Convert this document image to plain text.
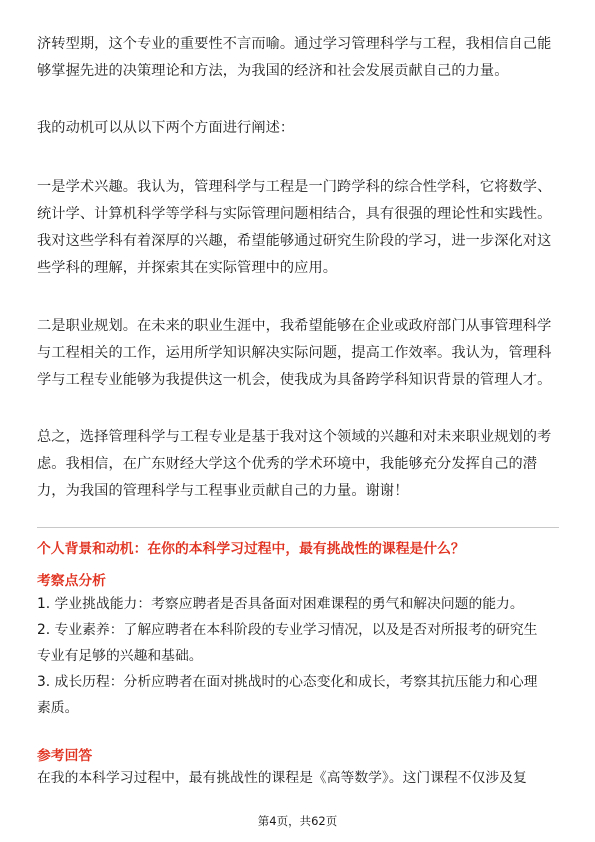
济转型期，这个专业的重要性不言而喻。通过学习管理科学与工程，我相信自己能
够掌握先进的决策理论和方法，为我国的经济和社会发展贡献自己的力量。
我的动机可以从以下两个方面进行阐述：
一是学术兴趣。我认为，管理科学与工程是一门跨学科的综合性学科，它将数学、
统计学、计算机科学等学科与实际管理问题相结合，具有很强的理论性和实践性。
我对这些学科有着深厚的兴趣，希望能够通过研究生阶段的学习，进一步深化对这
些学科的理解，并探索其在实际管理中的应用。
二是职业规划。在未来的职业生涯中，我希望能够在企业或政府部门从事管理科学
与工程相关的工作，运用所学知识解决实际问题，提高工作效率。我认为，管理科
学与工程专业能够为我提供这一机会，使我成为具备跨学科知识背景的管理人才。
总之，选择管理科学与工程专业是基于我对这个领域的兴趣和对未来职业规划的考
虑。我相信，在广东财经大学这个优秀的学术环境中，我能够充分发挥自己的潜
力，为我国的管理科学与工程事业贡献自己的力量。谢谢！
个人背景和动机：在你的本科学习过程中，最有挑战性的课程是什么？
考察点分析
1. 学业挑战能力：考察应聘者是否具备面对困难课程的勇气和解决问题的能力。
2. 专业素养：了解应聘者在本科阶段的专业学习情况，以及是否对所报考的研究生
专业有足够的兴趣和基础。
3. 成长历程：分析应聘者在面对挑战时的心态变化和成长，考察其抗压能力和心理
素质。
参考回答
在我的本科学习过程中，最有挑战性的课程是《高等数学》。这门课程不仅涉及复
第4页，共62页
